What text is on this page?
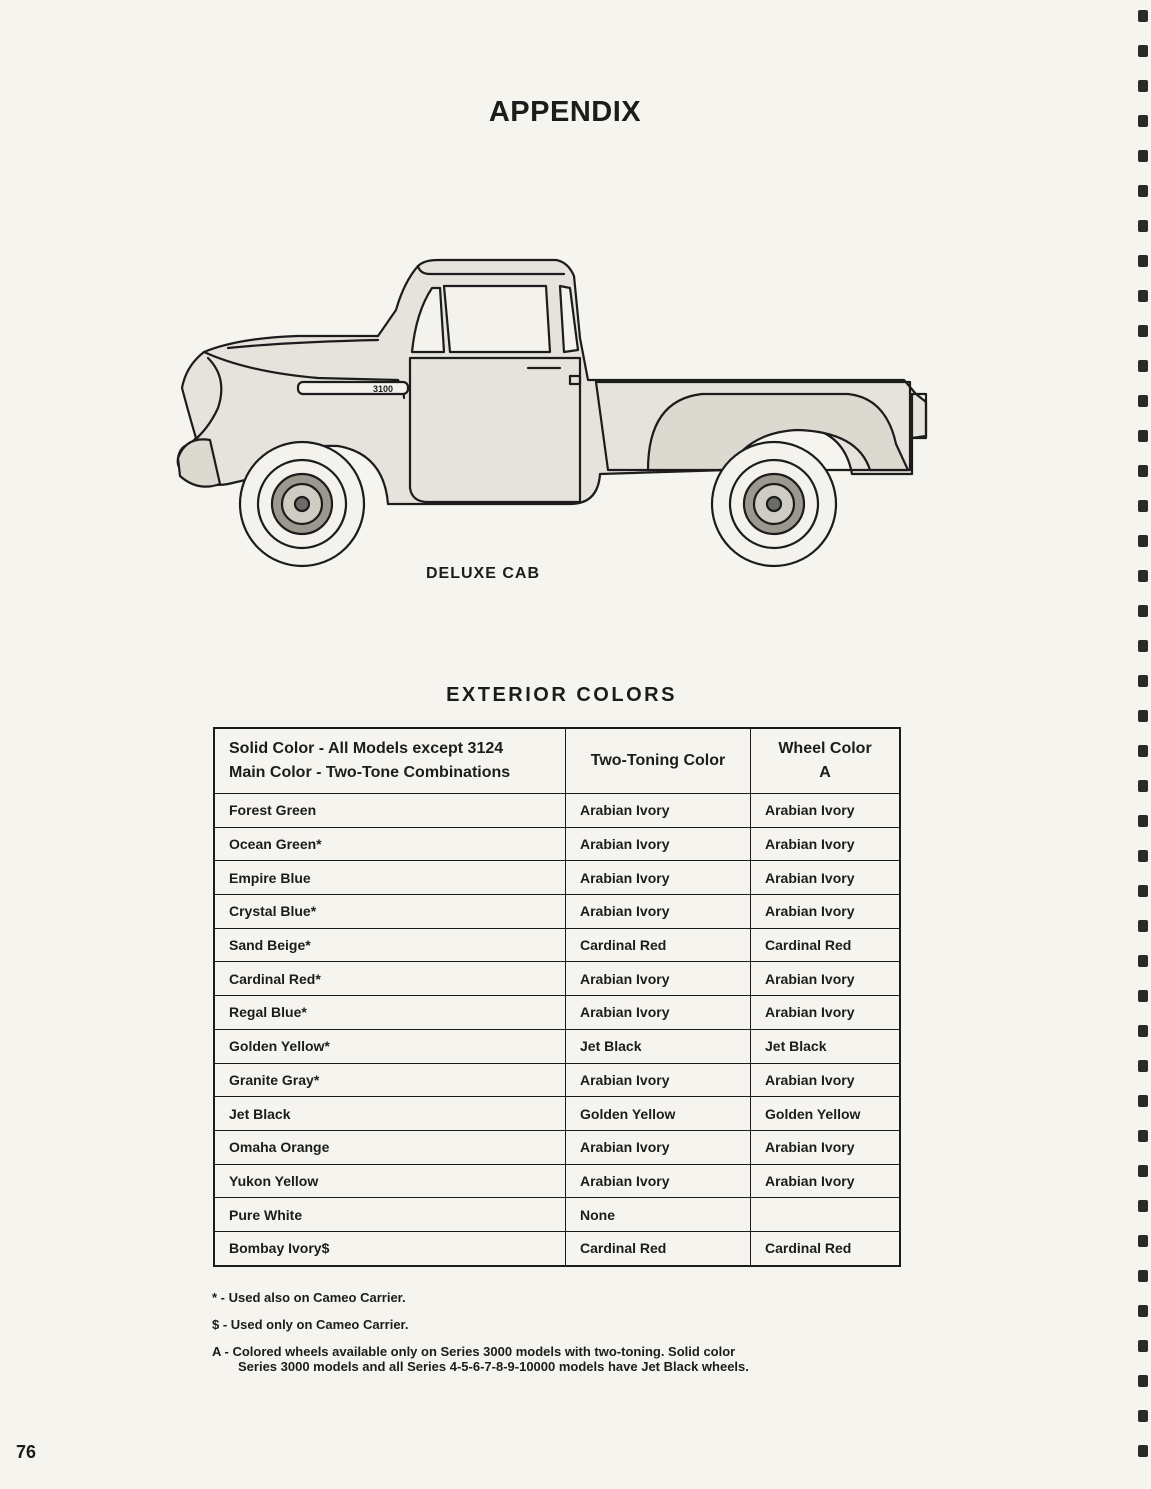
APPENDIX
3100
DELUXE CAB
EXTERIOR COLORS
Solid Color - All Models except 3124
Main Color - Two-Tone Combinations	Two-Toning Color	Wheel Color
A
Forest Green	Arabian Ivory	Arabian Ivory
Ocean Green*	Arabian Ivory	Arabian Ivory
Empire Blue	Arabian Ivory	Arabian Ivory
Crystal Blue*	Arabian Ivory	Arabian Ivory
Sand Beige*	Cardinal Red	Cardinal Red
Cardinal Red*	Arabian Ivory	Arabian Ivory
Regal Blue*	Arabian Ivory	Arabian Ivory
Golden Yellow*	Jet Black	Jet Black
Granite Gray*	Arabian Ivory	Arabian Ivory
Jet Black	Golden Yellow	Golden Yellow
Omaha Orange	Arabian Ivory	Arabian Ivory
Yukon Yellow	Arabian Ivory	Arabian Ivory
Pure White	None	
Bombay Ivory$	Cardinal Red	Cardinal Red
* - Used also on Cameo Carrier.
$ - Used only on Cameo Carrier.
A - Colored wheels available only on Series 3000 models with two-toning. Solid color
Series 3000 models and all Series 4-5-6-7-8-9-10000 models have Jet Black wheels.
76
